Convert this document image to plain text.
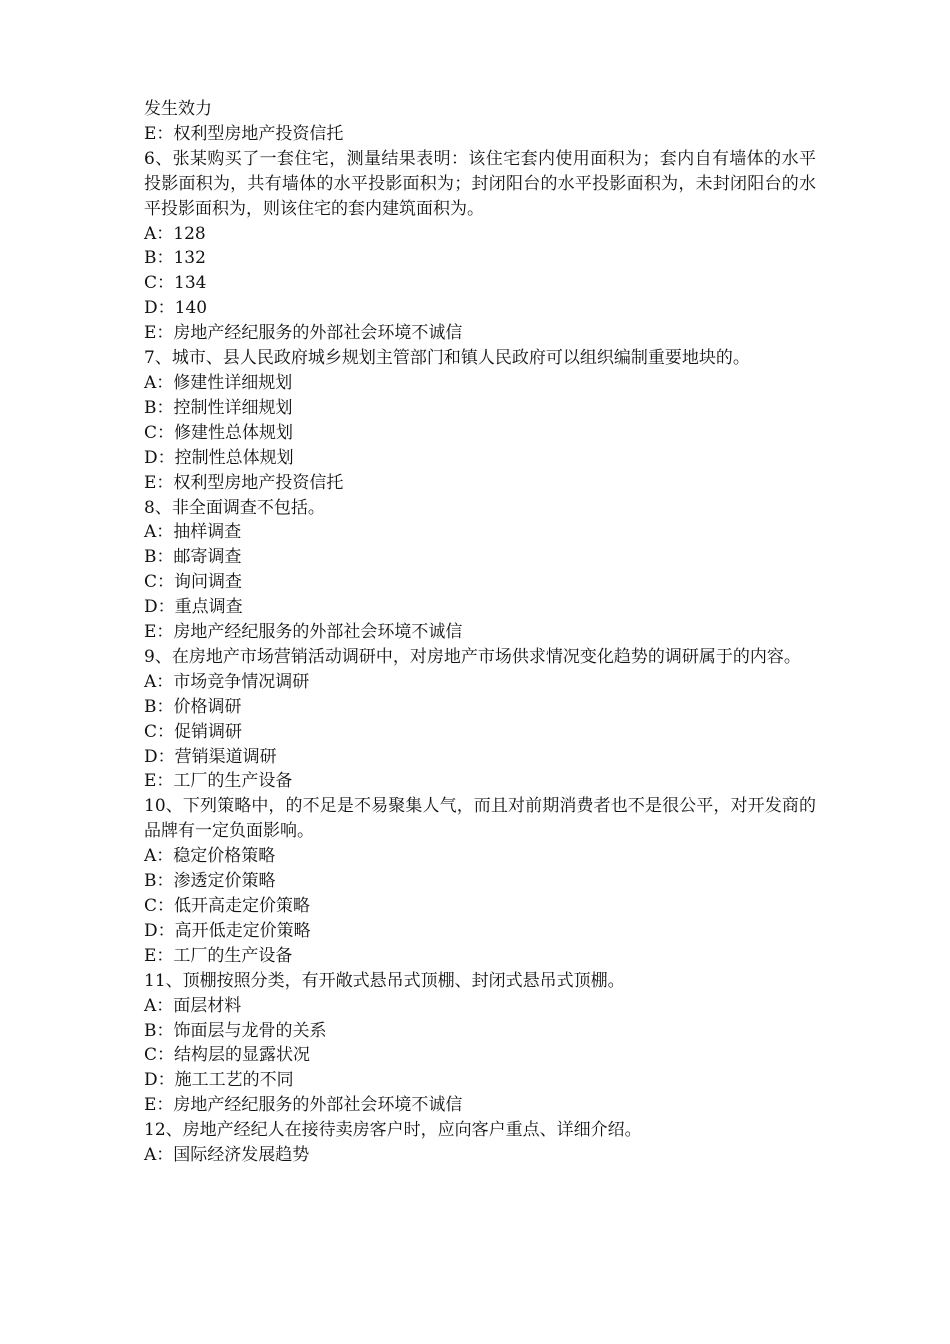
发生效力
E：权利型房地产投资信托
6、张某购买了一套住宅，测量结果表明：该住宅套内使用面积为；套内自有墙体的水平投影面积为，共有墙体的水平投影面积为；封闭阳台的水平投影面积为，未封闭阳台的水平投影面积为，则该住宅的套内建筑面积为。
A：128
B：132
C：134
D：140
E：房地产经纪服务的外部社会环境不诚信
7、城市、县人民政府城乡规划主管部门和镇人民政府可以组织编制重要地块的。
A：修建性详细规划
B：控制性详细规划
C：修建性总体规划
D：控制性总体规划
E：权利型房地产投资信托
8、非全面调查不包括。
A：抽样调查
B：邮寄调查
C：询问调查
D：重点调查
E：房地产经纪服务的外部社会环境不诚信
9、在房地产市场营销活动调研中，对房地产市场供求情况变化趋势的调研属于的内容。
A：市场竞争情况调研
B：价格调研
C：促销调研
D：营销渠道调研
E：工厂的生产设备
10、下列策略中，的不足是不易聚集人气，而且对前期消费者也不是很公平，对开发商的品牌有一定负面影响。
A：稳定价格策略
B：渗透定价策略
C：低开高走定价策略
D：高开低走定价策略
E：工厂的生产设备
11、顶棚按照分类，有开敞式悬吊式顶棚、封闭式悬吊式顶棚。
A：面层材料
B：饰面层与龙骨的关系
C：结构层的显露状况
D：施工工艺的不同
E：房地产经纪服务的外部社会环境不诚信
12、房地产经纪人在接待卖房客户时，应向客户重点、详细介绍。
A：国际经济发展趋势
